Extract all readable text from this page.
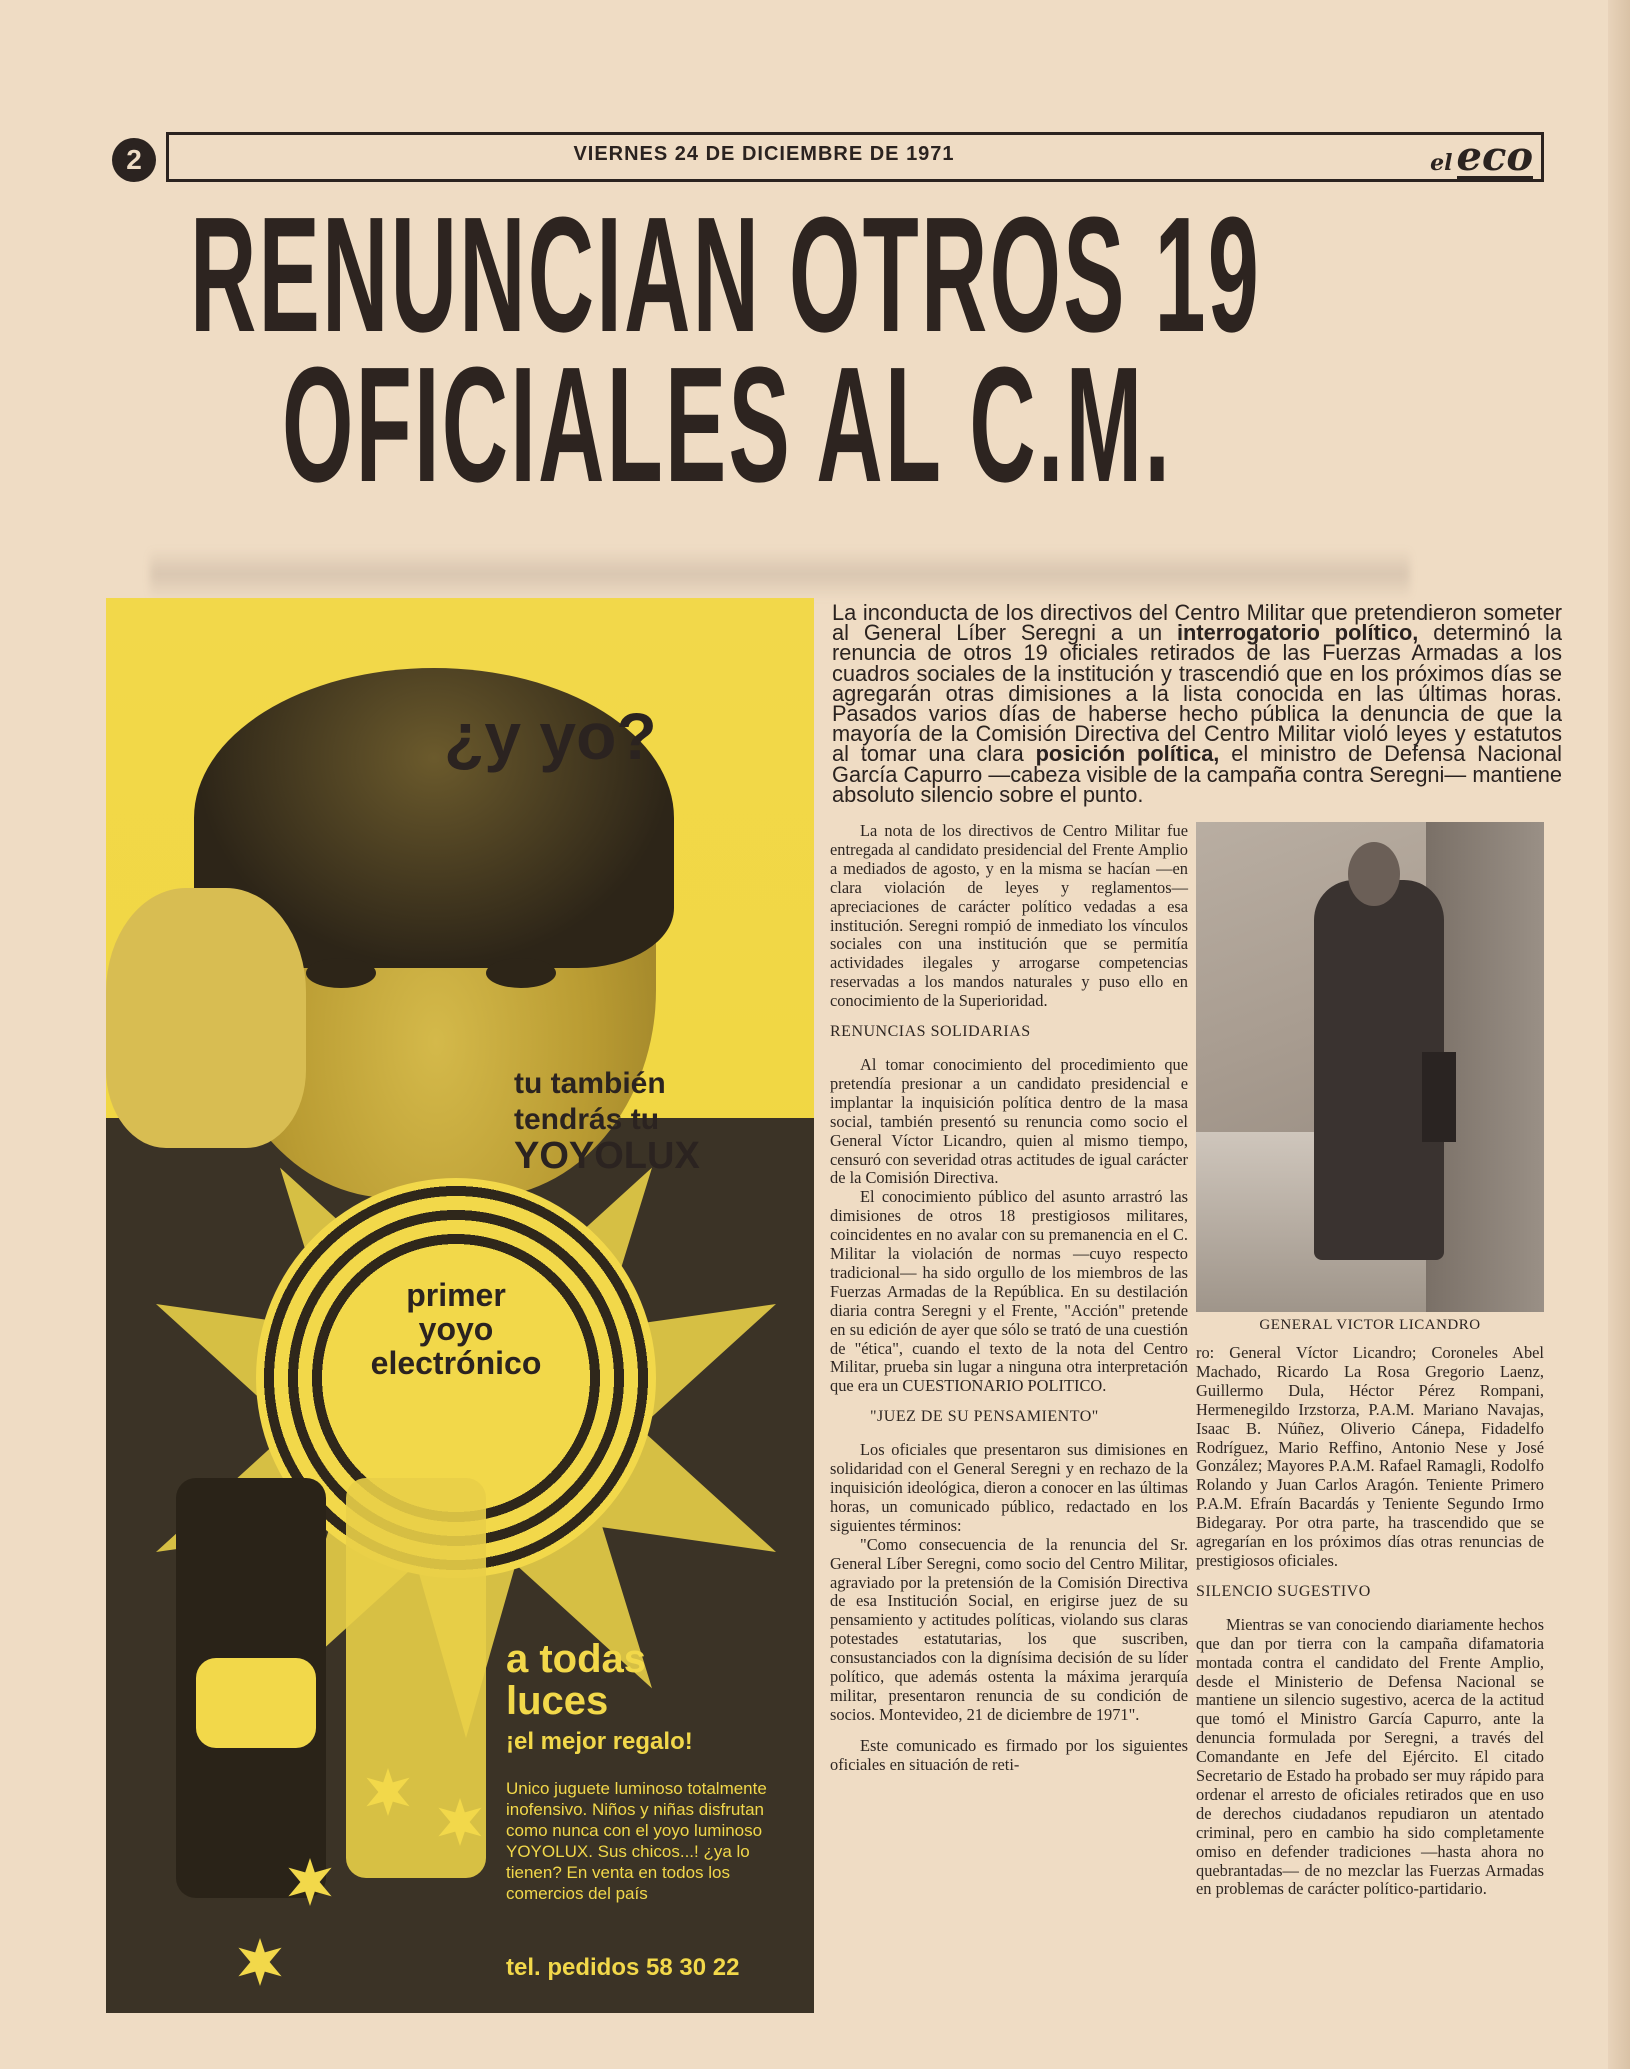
2	VIERNES 24 DE DICIEMBRE DE 1971	el eco
RENUNCIAN OTROS 19
OFICIALES AL C.M.
¿y yo?
tu también
tendrás tu
YOYOLUX
primer
yoyo
electrónico
a todas
luces
¡el mejor regalo!
Unico juguete luminoso totalmente inofensivo. Niños y niñas disfrutan como nunca con el yoyo luminoso YOYOLUX. Sus chicos...! ¿ya lo tienen? En venta en todos los comercios del país
tel. pedidos 58 30 22
La inconducta de los directivos del Centro Militar que pretendieron someter al General Líber Seregni a un interrogatorio político, determinó la renuncia de otros 19 oficiales retirados de las Fuerzas Armadas a los cuadros sociales de la institución y trascendió que en los próximos días se agregarán otras dimisiones a la lista conocida en las últimas horas. Pasados varios días de haberse hecho pública la denuncia de que la mayoría de la Comisión Directiva del Centro Militar violó leyes y estatutos al tomar una clara posición política, el ministro de Defensa Nacional García Capurro —cabeza visible de la campaña contra Seregni— mantiene absoluto silencio sobre el punto.

La nota de los directivos de Centro Militar fue entregada al candidato presidencial del Frente Amplio a mediados de agosto, y en la misma se hacían —en clara violación de leyes y reglamentos— apreciaciones de carácter político vedadas a esa institución. Seregni rompió de inmediato los vínculos sociales con una institución que se permitía actividades ilegales y arrogarse competencias reservadas a los mandos naturales y puso ello en conocimiento de la Superioridad.

RENUNCIAS SOLIDARIAS

Al tomar conocimiento del procedimiento que pretendía presionar a un candidato presidencial e implantar la inquisición política dentro de la masa social, también presentó su renuncia como socio el General Víctor Licandro, quien al mismo tiempo, censuró con severidad otras actitudes de igual carácter de la Comisión Directiva.

El conocimiento público del asunto arrastró las dimisiones de otros 18 prestigiosos militares, coincidentes en no avalar con su premanencia en el C. Militar la violación de normas —cuyo respecto tradicional— ha sido orgullo de los miembros de las Fuerzas Armadas de la República. En su destilación diaria contra Seregni y el Frente, "Acción" pretende en su edición de ayer que sólo se trató de una cuestión de "ética", cuando el texto de la nota del Centro Militar, prueba sin lugar a ninguna otra interpretación que era un CUESTIONARIO POLITICO.

"JUEZ DE SU PENSAMIENTO"

Los oficiales que presentaron sus dimisiones en solidaridad con el General Seregni y en rechazo de la inquisición ideológica, dieron a conocer en las últimas horas, un comunicado público, redactado en los siguientes términos:

"Como consecuencia de la renuncia del Sr. General Líber Seregni, como socio del Centro Militar, agraviado por la pretensión de la Comisión Directiva de esa Institución Social, en erigirse juez de su pensamiento y actitudes políticas, violando sus claras potestades estatutarias, los que suscriben, consustanciados con la dignísima decisión de su líder político, que además ostenta la máxima jerarquía militar, presentaron renuncia de su condición de socios. Montevideo, 21 de diciembre de 1971".

Este comunicado es firmado por los siguientes oficiales en situación de reti-

GENERAL VICTOR LICANDRO

ro: General Víctor Licandro; Coroneles Abel Machado, Ricardo La Rosa Gregorio Laenz, Guillermo Dula, Héctor Pérez Rompani, Hermenegildo Irzstorza, P.A.M. Mariano Navajas, Isaac B. Núñez, Oliverio Cánepa, Fidadelfo Rodríguez, Mario Reffino, Antonio Nese y José González; Mayores P.A.M. Rafael Ramagli, Rodolfo Rolando y Juan Carlos Aragón. Teniente Primero P.A.M. Efraín Bacardás y Teniente Segundo Irmo Bidegaray. Por otra parte, ha trascendido que se agregarían en los próximos días otras renuncias de prestigiosos oficiales.

SILENCIO SUGESTIVO

Mientras se van conociendo diariamente hechos que dan por tierra con la campaña difamatoria montada contra el candidato del Frente Amplio, desde el Ministerio de Defensa Nacional se mantiene un silencio sugestivo, acerca de la actitud que tomó el Ministro García Capurro, ante la denuncia formulada por Seregni, a través del Comandante en Jefe del Ejército. El citado Secretario de Estado ha probado ser muy rápido para ordenar el arresto de oficiales retirados que en uso de derechos ciudadanos repudiaron un atentado criminal, pero en cambio ha sido completamente omiso en defender tradiciones —hasta ahora no quebrantadas— de no mezclar las Fuerzas Armadas en problemas de carácter político-partidario.
